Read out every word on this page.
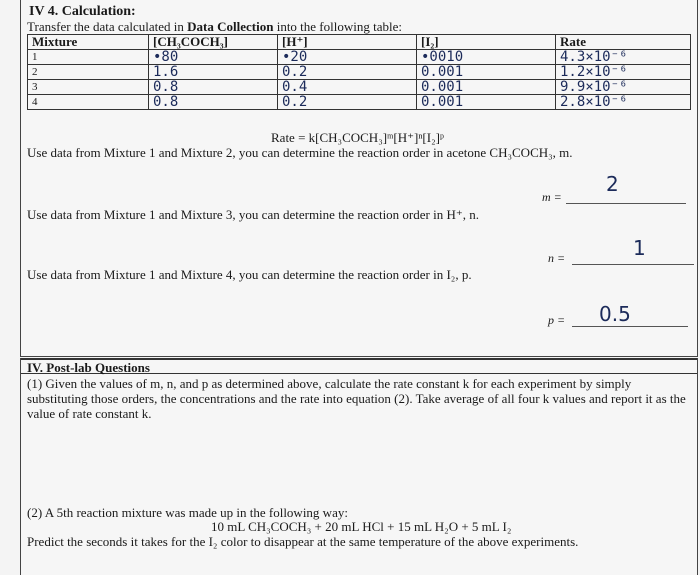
IV 4. Calculation:
Transfer the data calculated in Data Collection into the following table:
Mixture	[CH₃COCH₃]	[H⁺]	[I₂]	Rate
1	•80	•20	•0010	4.3×10⁻⁶
2	1.6	0.2	0.001	1.2×10⁻⁶
3	0.8	0.4	0.001	9.9×10⁻⁶
4	0.8	0.2	0.001	2.8×10⁻⁶
Rate = k[CH₃COCH₃]ᵐ[H⁺]ⁿ[I₂]ᵖ
Use data from Mixture 1 and Mixture 2, you can determine the reaction order in acetone CH₃COCH₃, m.
m =
2
Use data from Mixture 1 and Mixture 3, you can determine the reaction order in H⁺, n.
n =	1
Use data from Mixture 1 and Mixture 4, you can determine the reaction order in I₂, p.
p = 0.5
IV. Post-lab Questions
(1) Given the values of m, n, and p as determined above, calculate the rate constant k for each experiment by simply substituting those orders, the concentrations and the rate into equation (2). Take average of all four k values and report it as the value of rate constant k.
(2) A 5th reaction mixture was made up in the following way:
10 mL CH₃COCH₃ + 20 mL HCl + 15 mL H₂O + 5 mL I₂
Predict the seconds it takes for the I₂ color to disappear at the same temperature of the above experiments.
